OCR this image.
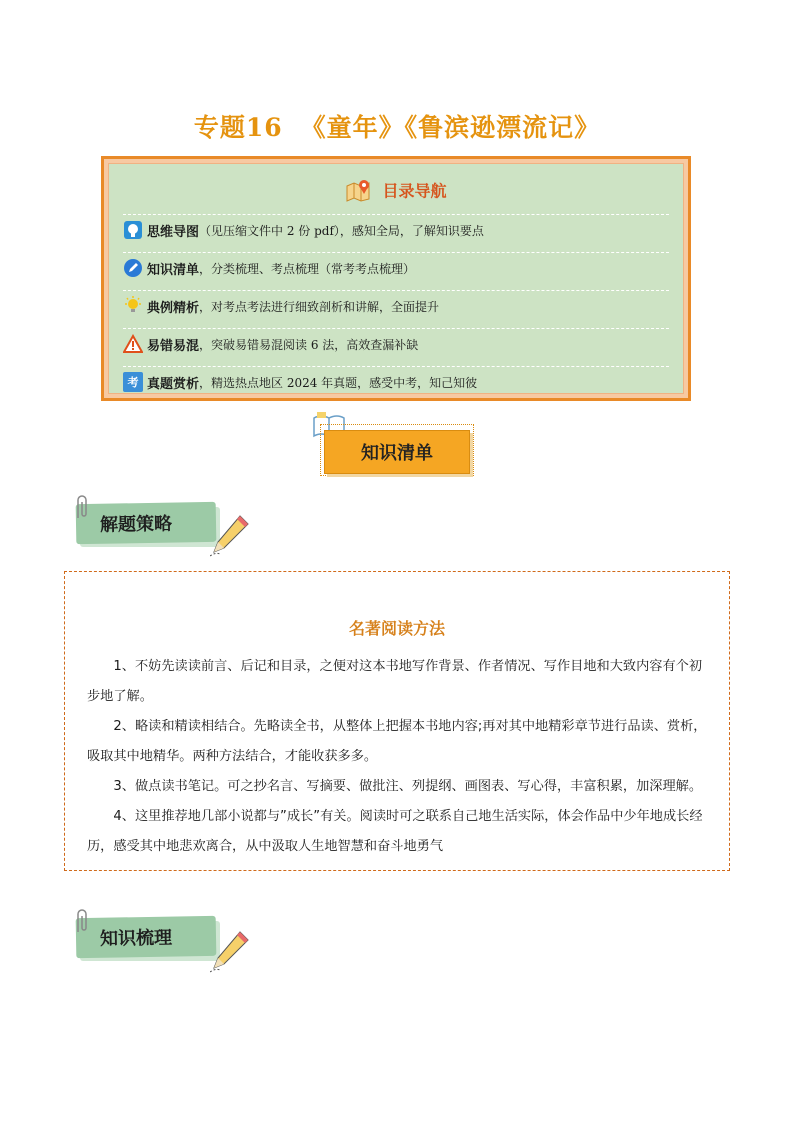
专题16 《童年》《鲁滨逊漂流记》
目录导航
思维导图 （见压缩文件中 2 份 pdf），感知全局，了解知识要点
知识清单 ，分类梳理、考点梳理（常考考点梳理）
典例精析 ，对考点考法进行细致剖析和讲解，全面提升
易错易混 ，突破易错易混阅读 6 法，高效查漏补缺
考 真题赏析 ，精选热点地区 2024 年真题，感受中考，知己知彼
知识清单
解题策略
名著阅读方法

1、不妨先读读前言、后记和目录，之便对这本书地写作背景、作者情况、写作目地和大致内容有个初步地了解。

2、略读和精读相结合。先略读全书，从整体上把握本书地内容;再对其中地精彩章节进行品读、赏析，吸取其中地精华。两种方法结合，才能收获多多。

3、做点读书笔记。可之抄名言、写摘要、做批注、列提纲、画图表、写心得，丰富积累，加深理解。

4、这里推荐地几部小说都与”成长”有关。阅读时可之联系自己地生活实际，体会作品中少年地成长经历，感受其中地悲欢离合，从中汲取人生地智慧和奋斗地勇气

知识梳理
